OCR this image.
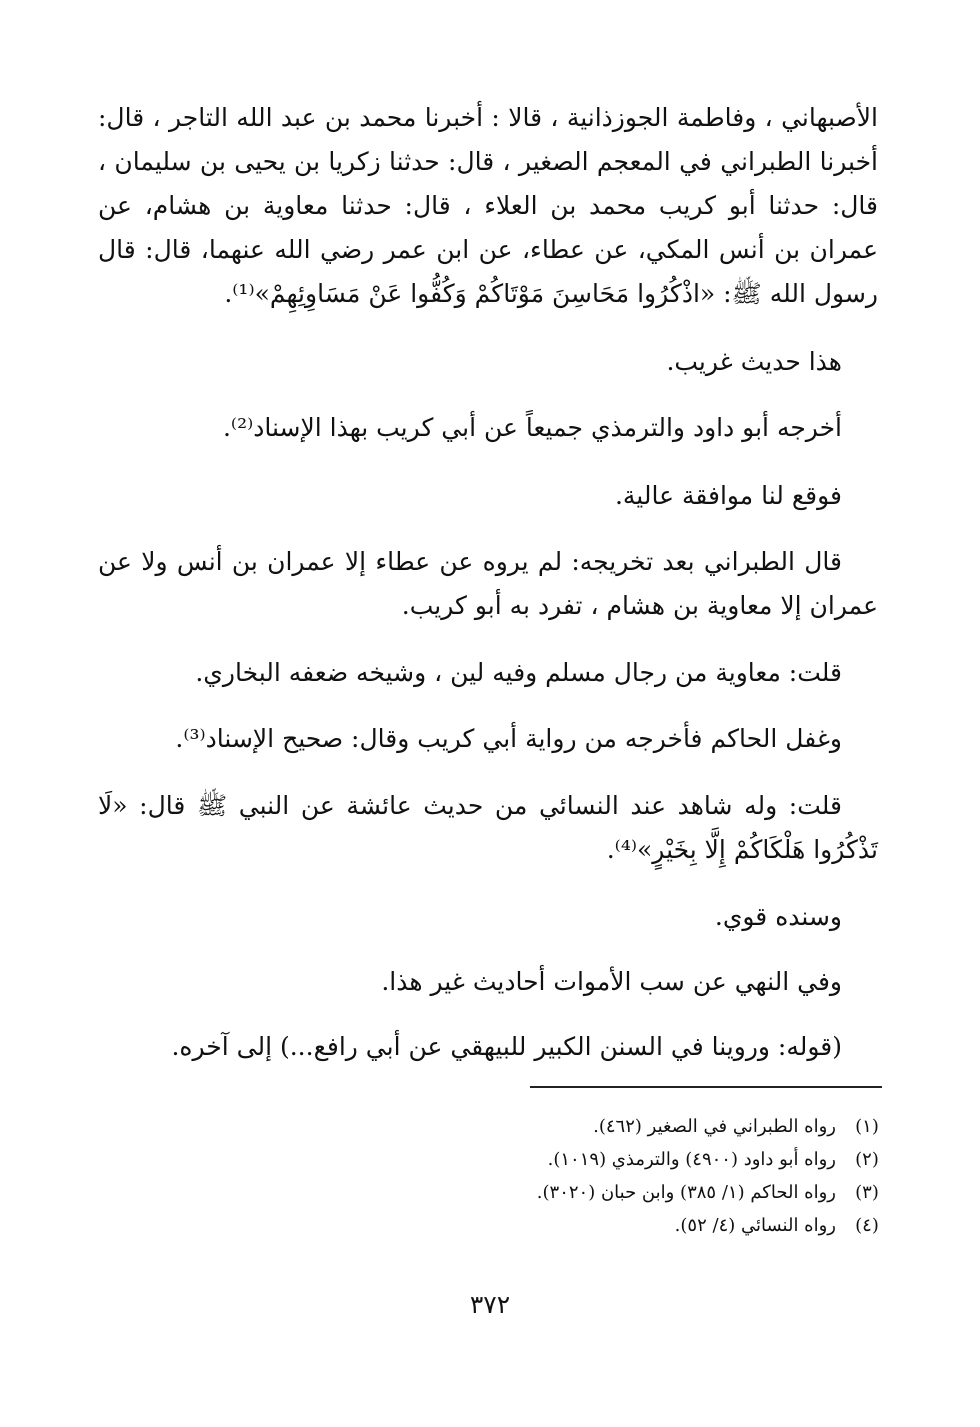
الأصبهاني ، وفاطمة الجوزذانية ، قالا : أخبرنا محمد بن عبد الله التاجر ، قال: أخبرنا الطبراني في المعجم الصغير ، قال: حدثنا زكريا بن يحيى بن سليمان ، قال: حدثنا أبو كريب محمد بن العلاء ، قال: حدثنا معاوية بن هشام، عن عمران بن أنس المكي، عن عطاء، عن ابن عمر رضي الله عنهما، قال: قال رسول الله ﷺ: «اذْكُرُوا مَحَاسِنَ مَوْتَاكُمْ وَكُفُّوا عَنْ مَسَاوِئِهِمْ»⁽¹⁾.

هذا حديث غريب.

أخرجه أبو داود والترمذي جميعاً عن أبي كريب بهذا الإسناد⁽²⁾.

فوقع لنا موافقة عالية.

قال الطبراني بعد تخريجه: لم يروه عن عطاء إلا عمران بن أنس ولا عن عمران إلا معاوية بن هشام ، تفرد به أبو كريب.

قلت: معاوية من رجال مسلم وفيه لين ، وشيخه ضعفه البخاري.

وغفل الحاكم فأخرجه من رواية أبي كريب وقال: صحيح الإسناد⁽³⁾.

قلت: وله شاهد عند النسائي من حديث عائشة عن النبي ﷺ قال: «لَا تَذْكُرُوا هَلْكَاكُمْ إِلَّا بِخَيْرٍ»⁽⁴⁾.

وسنده قوي.

وفي النهي عن سب الأموات أحاديث غير هذا.

(قوله: وروينا في السنن الكبير للبيهقي عن أبي رافع...) إلى آخره.

(١)
رواه الطبراني في الصغير (٤٦٢).
(٢)
رواه أبو داود (٤٩٠٠) والترمذي (١٠١٩).
(٣)
رواه الحاكم (١/ ٣٨٥) وابن حبان (٣٠٢٠).
(٤)
رواه النسائي (٤/ ٥٢).
٣٧٢
